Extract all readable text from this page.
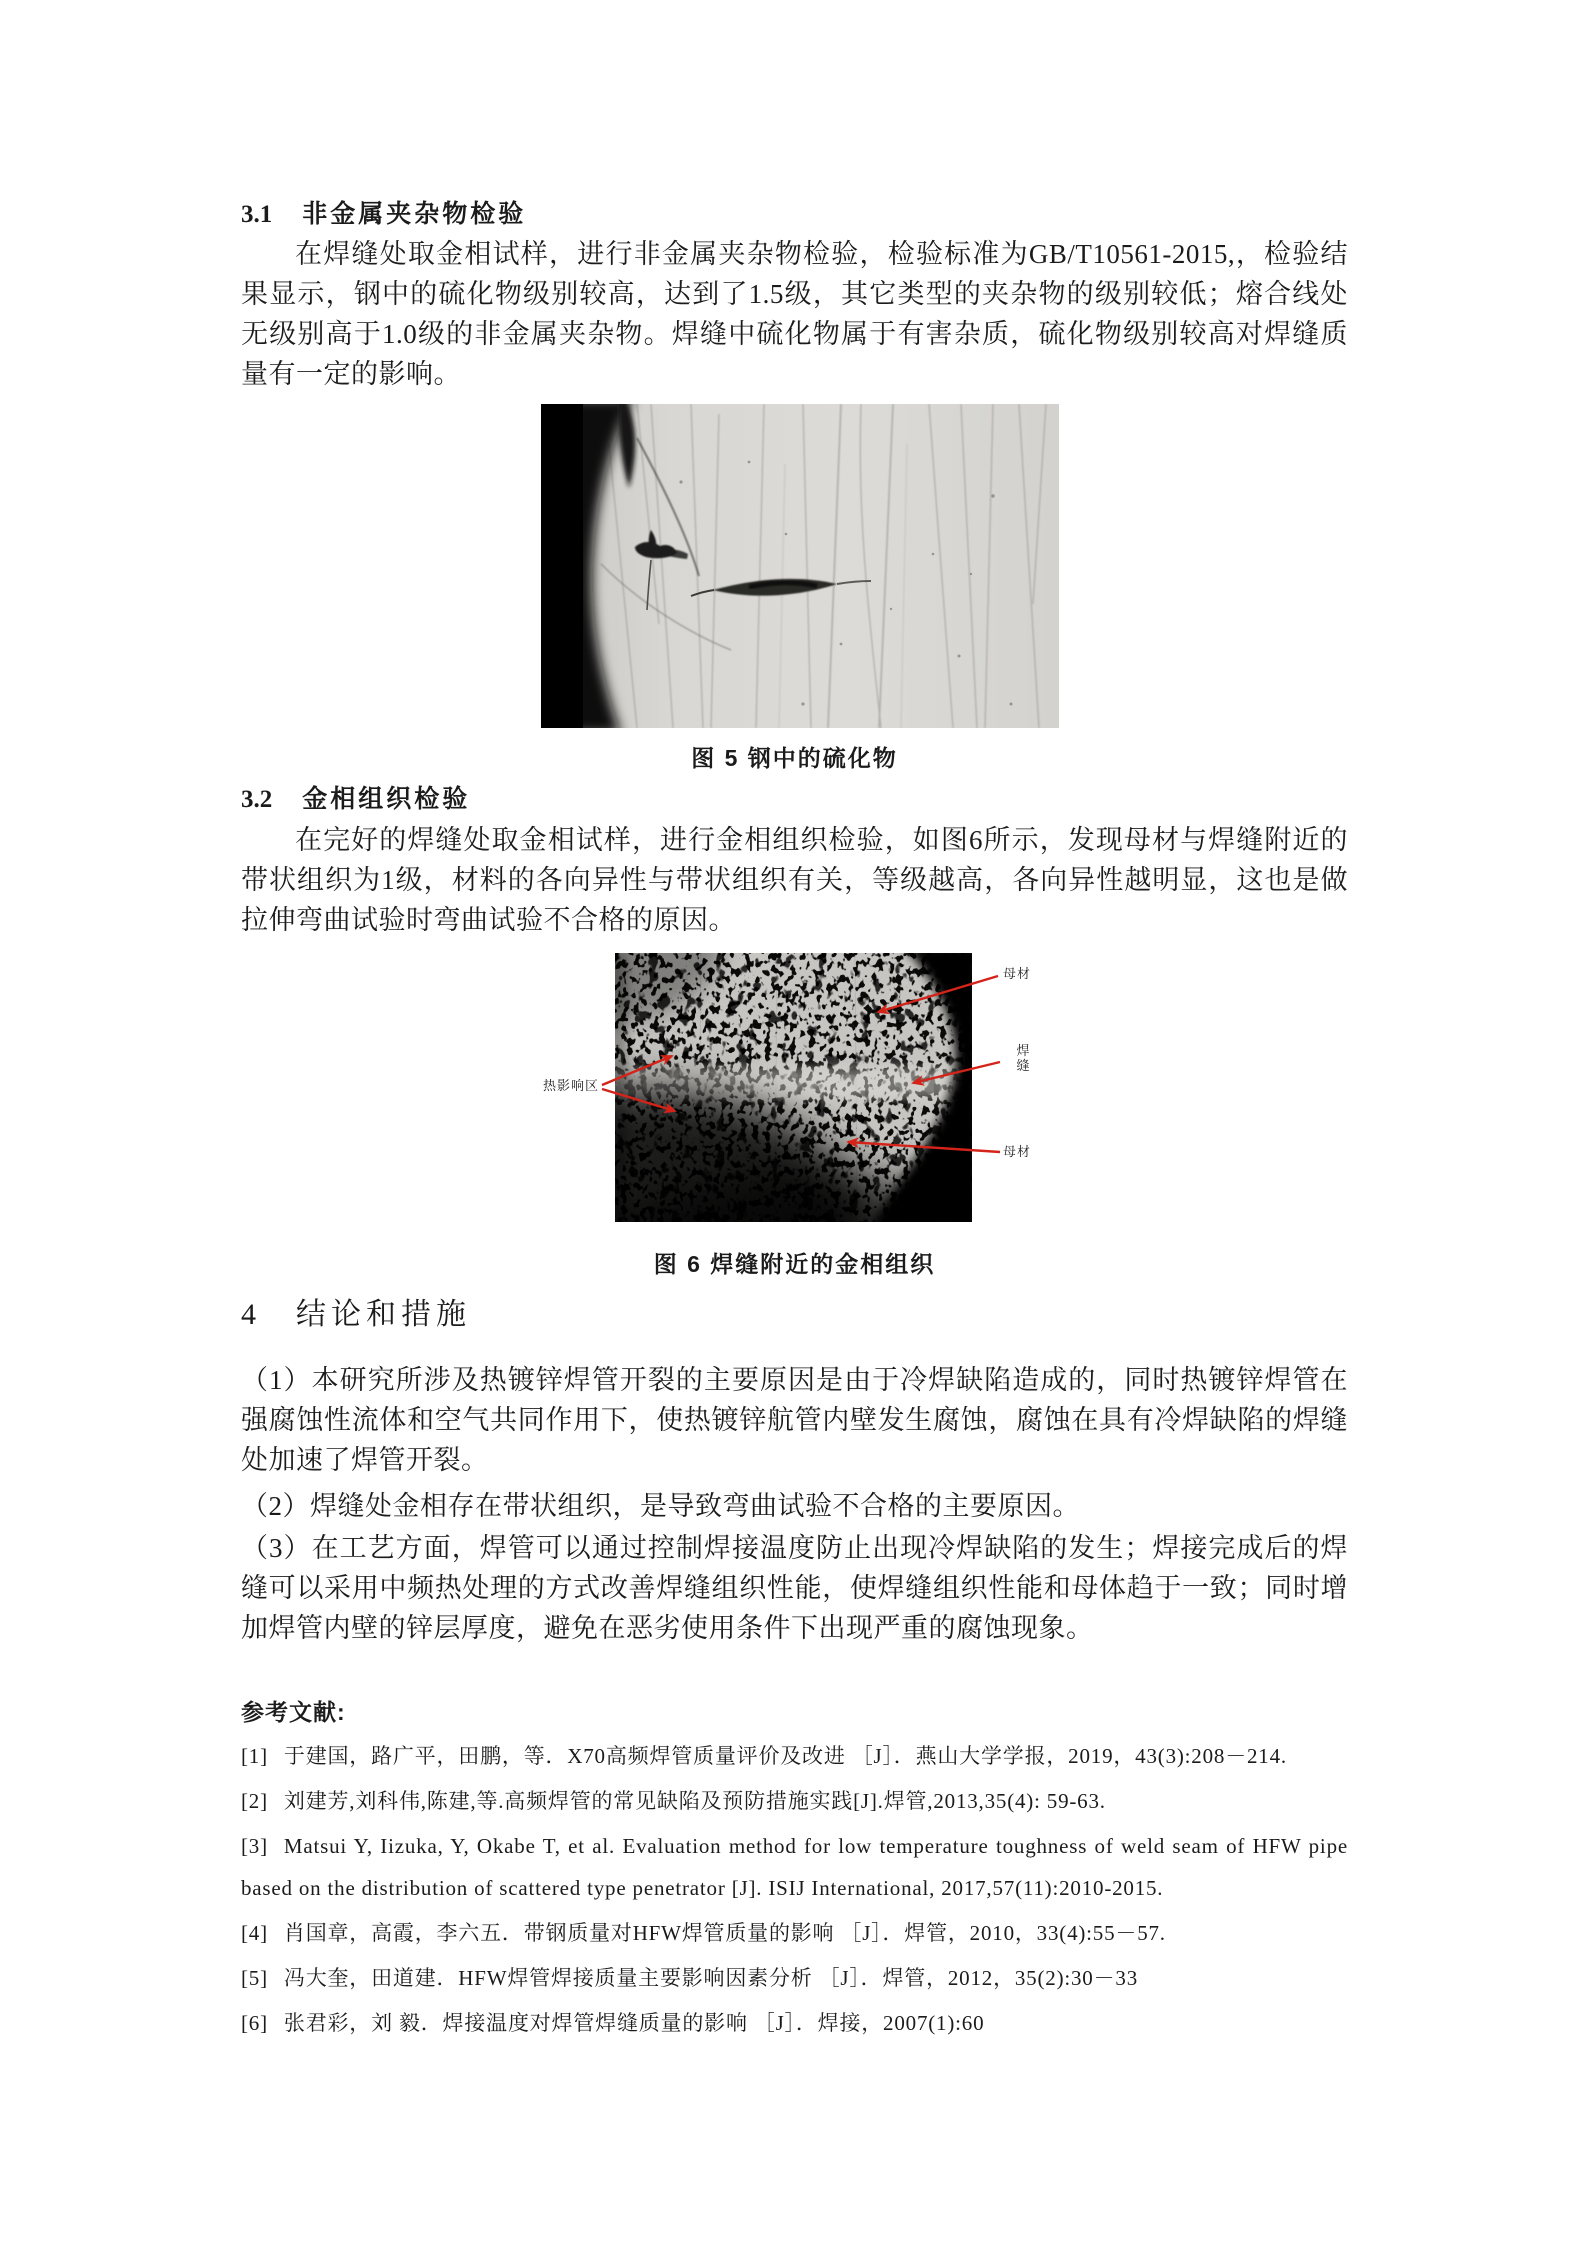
3.1 非金属夹杂物检验
在焊缝处取金相试样，进行非金属夹杂物检验，检验标准为GB/T10561-2015,，检验结果显示，钢中的硫化物级别较高，达到了1.5级，其它类型的夹杂物的级别较低；熔合线处无级别高于1.0级的非金属夹杂物。焊缝中硫化物属于有害杂质，硫化物级别较高对焊缝质量有一定的影响。
图 5 钢中的硫化物
3.2 金相组织检验
在完好的焊缝处取金相试样，进行金相组织检验，如图6所示，发现母材与焊缝附近的带状组织为1级，材料的各向异性与带状组织有关，等级越高，各向异性越明显，这也是做拉伸弯曲试验时弯曲试验不合格的原因。
热影响区
母材
焊缝
母材
图 6 焊缝附近的金相组织
4 结论和措施
（1）本研究所涉及热镀锌焊管开裂的主要原因是由于冷焊缺陷造成的，同时热镀锌焊管在强腐蚀性流体和空气共同作用下，使热镀锌航管内壁发生腐蚀，腐蚀在具有冷焊缺陷的焊缝处加速了焊管开裂。
（2）焊缝处金相存在带状组织，是导致弯曲试验不合格的主要原因。
（3）在工艺方面，焊管可以通过控制焊接温度防止出现冷焊缺陷的发生；焊接完成后的焊缝可以采用中频热处理的方式改善焊缝组织性能，使焊缝组织性能和母体趋于一致；同时增加焊管内壁的锌层厚度，避免在恶劣使用条件下出现严重的腐蚀现象。
参考文献:
[1] 于建国，路广平，田鹏，等．X70高频焊管质量评价及改进 ［J］．燕山大学学报，2019，43(3):208－214.
[2] 刘建芳,刘科伟,陈建,等.高频焊管的常见缺陷及预防措施实践[J].焊管,2013,35(4): 59-63.
[3] Matsui Y, Iizuka, Y, Okabe T, et al. Evaluation method for low temperature toughness of weld seam of HFW pipe based on the distribution of scattered type penetrator [J]. ISIJ International, 2017,57(11):2010-2015.
[4] 肖国章，高霞，李六五．带钢质量对HFW焊管质量的影响 ［J］．焊管，2010，33(4):55－57.
[5] 冯大奎，田道建．HFW焊管焊接质量主要影响因素分析 ［J］．焊管，2012，35(2):30－33
[6] 张君彩，刘 毅．焊接温度对焊管焊缝质量的影响 ［J］．焊接，2007(1):60
